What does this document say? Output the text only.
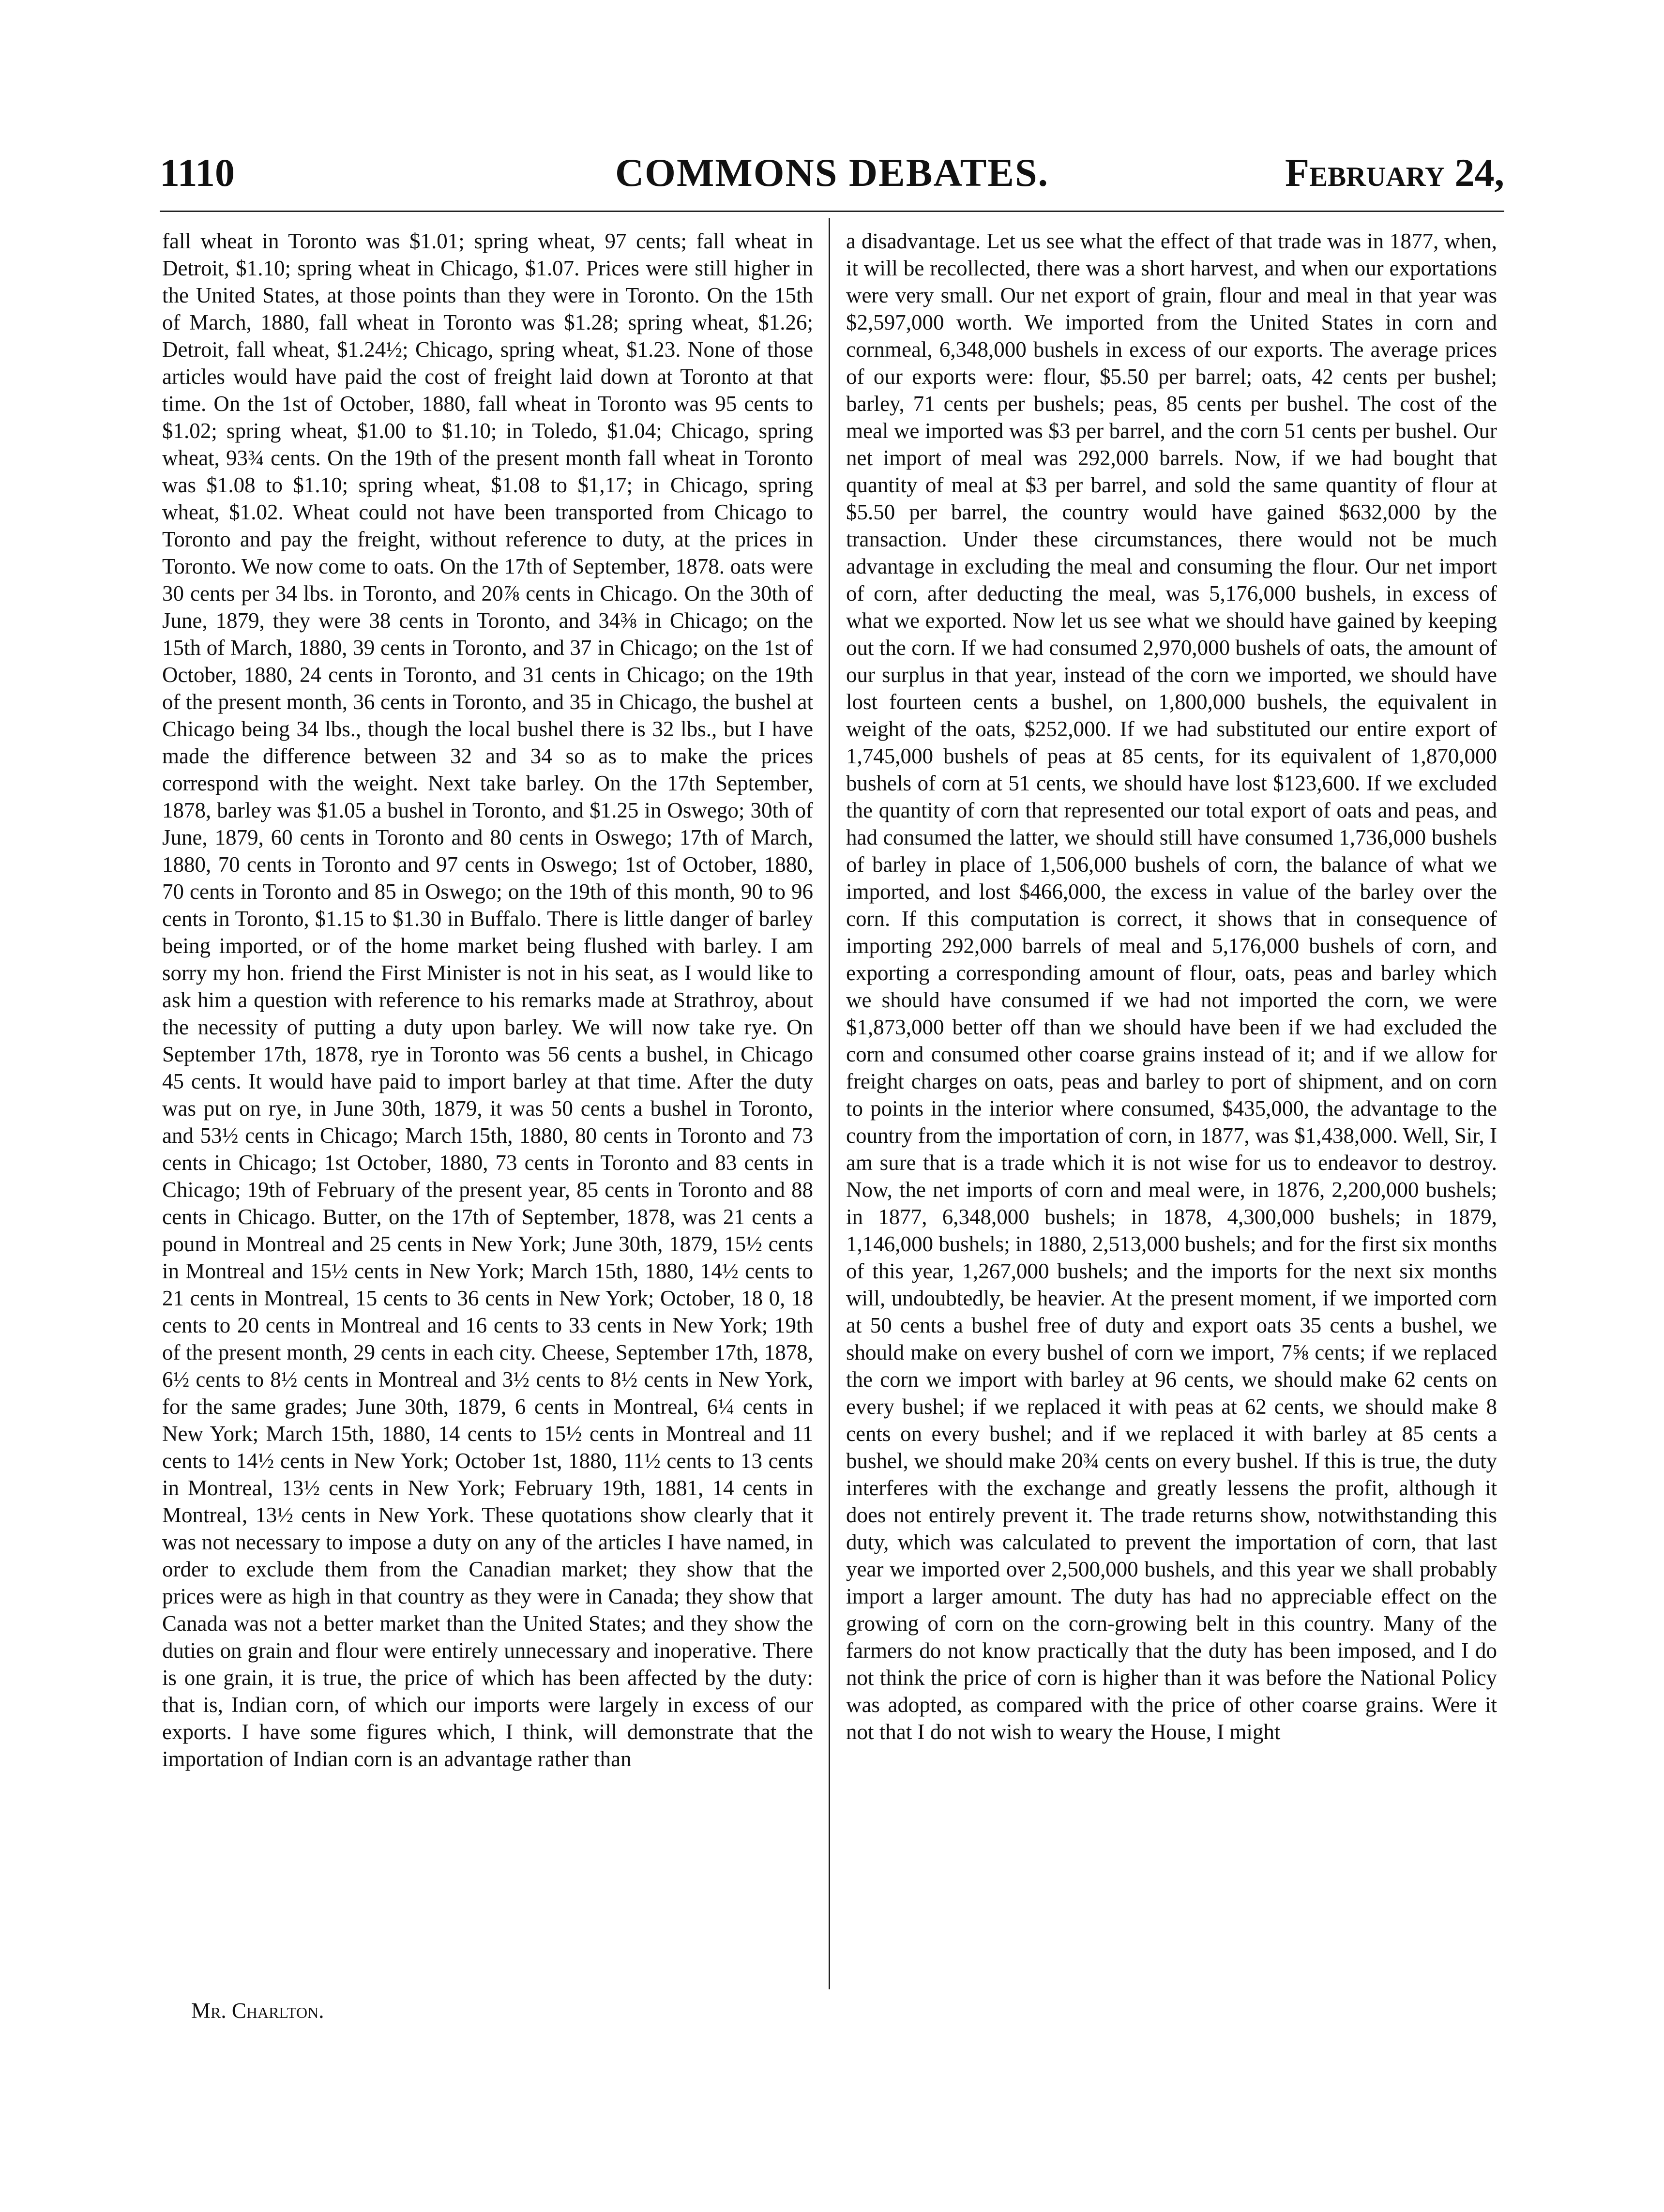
1110	COMMONS DEBATES.	February 24,

fall wheat in Toronto was $1.01; spring wheat, 97 cents; fall wheat in Detroit, $1.10; spring wheat in Chicago, $1.07. Prices were still higher in the United States, at those points than they were in Toronto. On the 15th of March, 1880, fall wheat in Toronto was $1.28; spring wheat, $1.26; Detroit, fall wheat, $1.24½; Chicago, spring wheat, $1.23. None of those articles would have paid the cost of freight laid down at Toronto at that time. On the 1st of October, 1880, fall wheat in Toronto was 95 cents to $1.02; spring wheat, $1.00 to $1.10; in Toledo, $1.04; Chicago, spring wheat, 93¾ cents. On the 19th of the present month fall wheat in Toronto was $1.08 to $1.10; spring wheat, $1.08 to $1,17; in Chicago, spring wheat, $1.02. Wheat could not have been transported from Chicago to Toronto and pay the freight, without reference to duty, at the prices in Toronto. We now come to oats. On the 17th of September, 1878. oats were 30 cents per 34 lbs. in Toronto, and 20⅞ cents in Chicago. On the 30th of June, 1879, they were 38 cents in Toronto, and 34⅜ in Chicago; on the 15th of March, 1880, 39 cents in Toronto, and 37 in Chicago; on the 1st of October, 1880, 24 cents in Toronto, and 31 cents in Chicago; on the 19th of the present month, 36 cents in Toronto, and 35 in Chicago, the bushel at Chicago being 34 lbs., though the local bushel there is 32 lbs., but I have made the difference between 32 and 34 so as to make the prices correspond with the weight. Next take barley. On the 17th September, 1878, barley was $1.05 a bushel in Toronto, and $1.25 in Oswego; 30th of June, 1879, 60 cents in Toronto and 80 cents in Oswego; 17th of March, 1880, 70 cents in Toronto and 97 cents in Oswego; 1st of October, 1880, 70 cents in Toronto and 85 in Oswego; on the 19th of this month, 90 to 96 cents in Toronto, $1.15 to $1.30 in Buffalo. There is little danger of barley being imported, or of the home market being flushed with barley. I am sorry my hon. friend the First Minister is not in his seat, as I would like to ask him a question with reference to his remarks made at Strathroy, about the necessity of putting a duty upon barley. We will now take rye. On September 17th, 1878, rye in Toronto was 56 cents a bushel, in Chicago 45 cents. It would have paid to import barley at that time. After the duty was put on rye, in June 30th, 1879, it was 50 cents a bushel in Toronto, and 53½ cents in Chicago; March 15th, 1880, 80 cents in Toronto and 73 cents in Chicago; 1st October, 1880, 73 cents in Toronto and 83 cents in Chicago; 19th of February of the present year, 85 cents in Toronto and 88 cents in Chicago. Butter, on the 17th of September, 1878, was 21 cents a pound in Montreal and 25 cents in New York; June 30th, 1879, 15½ cents in Montreal and 15½ cents in New York; March 15th, 1880, 14½ cents to 21 cents in Montreal, 15 cents to 36 cents in New York; October, 18 0, 18 cents to 20 cents in Montreal and 16 cents to 33 cents in New York; 19th of the present month, 29 cents in each city. Cheese, September 17th, 1878, 6½ cents to 8½ cents in Montreal and 3½ cents to 8½ cents in New York, for the same grades; June 30th, 1879, 6 cents in Montreal, 6¼ cents in New York; March 15th, 1880, 14 cents to 15½ cents in Montreal and 11 cents to 14½ cents in New York; October 1st, 1880, 11½ cents to 13 cents in Montreal, 13½ cents in New York; February 19th, 1881, 14 cents in Montreal, 13½ cents in New York. These quotations show clearly that it was not necessary to impose a duty on any of the articles I have named, in order to exclude them from the Canadian market; they show that the prices were as high in that country as they were in Canada; they show that Canada was not a better market than the United States; and they show the duties on grain and flour were entirely unnecessary and inoperative. There is one grain, it is true, the price of which has been affected by the duty: that is, Indian corn, of which our imports were largely in excess of our exports. I have some figures which, I think, will demonstrate that the importation of Indian corn is an advantage rather than

a disadvantage. Let us see what the effect of that trade was in 1877, when, it will be recollected, there was a short harvest, and when our exportations were very small. Our net export of grain, flour and meal in that year was $2,597,000 worth. We imported from the United States in corn and cornmeal, 6,348,000 bushels in excess of our exports. The average prices of our exports were: flour, $5.50 per barrel; oats, 42 cents per bushel; barley, 71 cents per bushels; peas, 85 cents per bushel. The cost of the meal we imported was $3 per barrel, and the corn 51 cents per bushel. Our net import of meal was 292,000 barrels. Now, if we had bought that quantity of meal at $3 per barrel, and sold the same quantity of flour at $5.50 per barrel, the country would have gained $632,000 by the transaction. Under these circumstances, there would not be much advantage in excluding the meal and consuming the flour. Our net import of corn, after deducting the meal, was 5,176,000 bushels, in excess of what we exported. Now let us see what we should have gained by keeping out the corn. If we had consumed 2,970,000 bushels of oats, the amount of our surplus in that year, instead of the corn we imported, we should have lost fourteen cents a bushel, on 1,800,000 bushels, the equivalent in weight of the oats, $252,000. If we had substituted our entire export of 1,745,000 bushels of peas at 85 cents, for its equivalent of 1,870,000 bushels of corn at 51 cents, we should have lost $123,600. If we excluded the quantity of corn that represented our total export of oats and peas, and had consumed the latter, we should still have consumed 1,736,000 bushels of barley in place of 1,506,000 bushels of corn, the balance of what we imported, and lost $466,000, the excess in value of the barley over the corn. If this computation is correct, it shows that in consequence of importing 292,000 barrels of meal and 5,176,000 bushels of corn, and exporting a corresponding amount of flour, oats, peas and barley which we should have consumed if we had not imported the corn, we were $1,873,000 better off than we should have been if we had excluded the corn and consumed other coarse grains instead of it; and if we allow for freight charges on oats, peas and barley to port of shipment, and on corn to points in the interior where consumed, $435,000, the advantage to the country from the importation of corn, in 1877, was $1,438,000. Well, Sir, I am sure that is a trade which it is not wise for us to endeavor to destroy. Now, the net imports of corn and meal were, in 1876, 2,200,000 bushels; in 1877, 6,348,000 bushels; in 1878, 4,300,000 bushels; in 1879, 1,146,000 bushels; in 1880, 2,513,000 bushels; and for the first six months of this year, 1,267,000 bushels; and the imports for the next six months will, undoubtedly, be heavier. At the present moment, if we imported corn at 50 cents a bushel free of duty and export oats 35 cents a bushel, we should make on every bushel of corn we import, 7⅝ cents; if we replaced the corn we import with barley at 96 cents, we should make 62 cents on every bushel; if we replaced it with peas at 62 cents, we should make 8 cents on every bushel; and if we replaced it with barley at 85 cents a bushel, we should make 20¾ cents on every bushel. If this is true, the duty interferes with the exchange and greatly lessens the profit, although it does not entirely prevent it. The trade returns show, notwithstanding this duty, which was calculated to prevent the importation of corn, that last year we imported over 2,500,000 bushels, and this year we shall probably import a larger amount. The duty has had no appreciable effect on the growing of corn on the corn-growing belt in this country. Many of the farmers do not know practically that the duty has been imposed, and I do not think the price of corn is higher than it was before the National Policy was adopted, as compared with the price of other coarse grains. Were it not that I do not wish to weary the House, I might

Mr. Charlton.
